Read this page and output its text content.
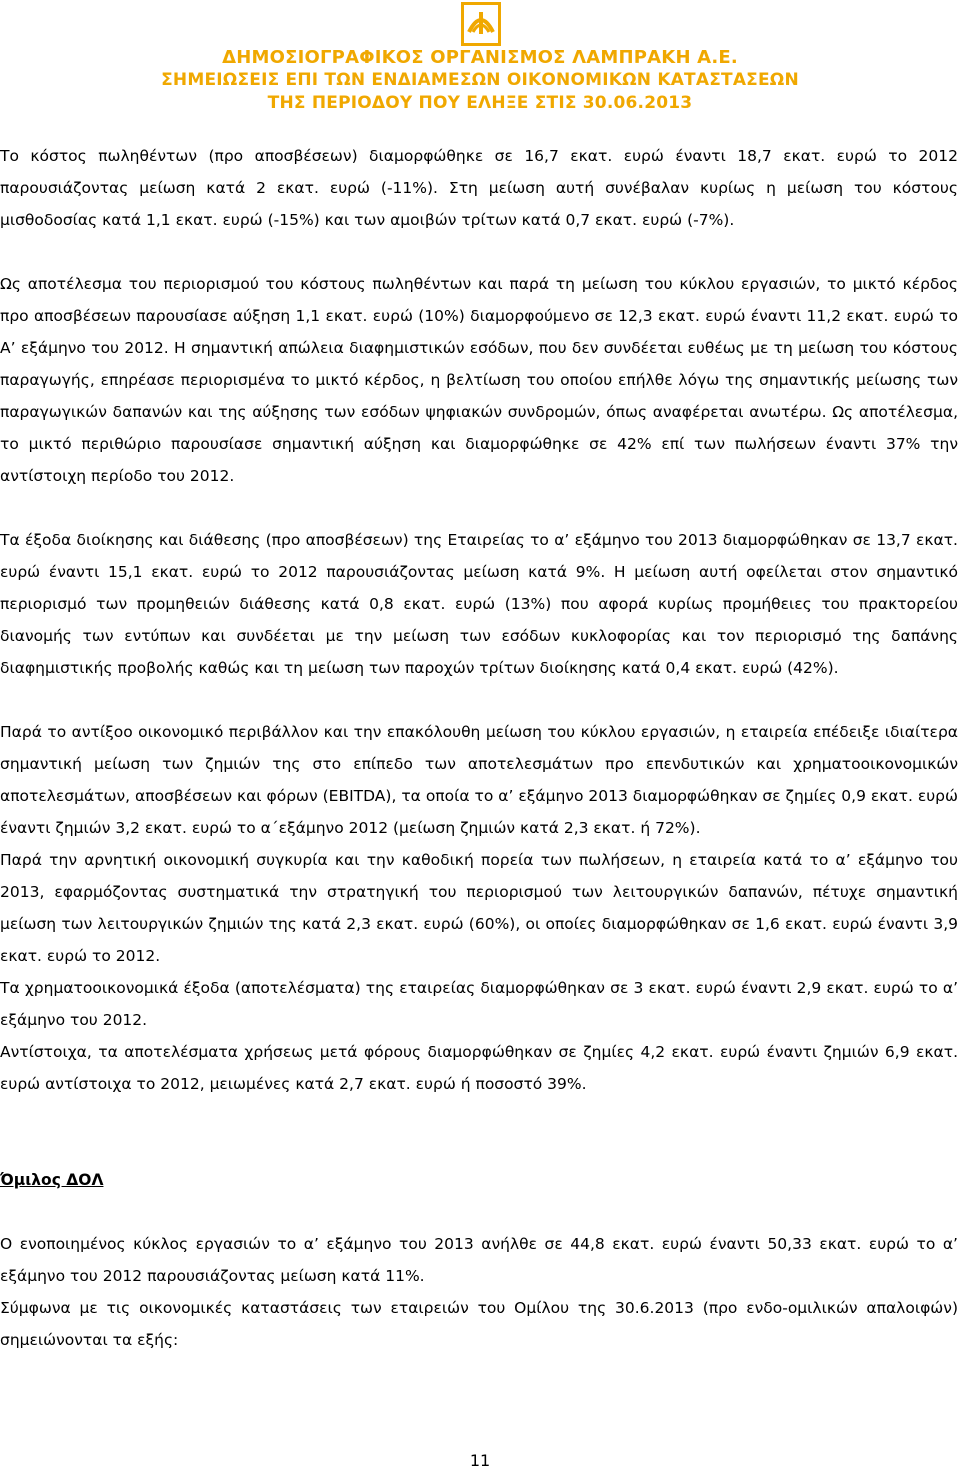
ΔΗΜΟΣΙΟΓΡΑΦΙΚΟΣ ΟΡΓΑΝΙΣΜΟΣ ΛΑΜΠΡΑΚΗ Α.Ε.
ΣΗΜΕΙΩΣΕΙΣ ΕΠΙ ΤΩΝ ΕΝΔΙΑΜΕΣΩΝ ΟΙΚΟΝΟΜΙΚΩΝ ΚΑΤΑΣΤΑΣΕΩΝ
ΤΗΣ ΠΕΡΙΟΔΟΥ ΠΟΥ ΕΛΗΞΕ ΣΤΙΣ 30.06.2013

Το κόστος πωληθέντων (προ αποσβέσεων) διαμορφώθηκε σε 16,7 εκατ. ευρώ έναντι 18,7 εκατ. ευρώ το 2012 παρουσιάζοντας μείωση κατά 2 εκατ. ευρώ (-11%). Στη μείωση αυτή συνέβαλαν κυρίως η μείωση του κόστους μισθοδοσίας κατά 1,1 εκατ. ευρώ (-15%) και των αμοιβών τρίτων κατά 0,7 εκατ. ευρώ (-7%).

Ως αποτέλεσμα του περιορισμού του κόστους πωληθέντων και παρά τη μείωση του κύκλου εργασιών, το μικτό κέρδος προ αποσβέσεων παρουσίασε αύξηση 1,1 εκατ. ευρώ (10%) διαμορφούμενο σε 12,3 εκατ. ευρώ έναντι 11,2 εκατ. ευρώ το Α’ εξάμηνο του 2012. Η σημαντική απώλεια διαφημιστικών εσόδων, που δεν συνδέεται ευθέως με τη μείωση του κόστους παραγωγής, επηρέασε περιορισμένα το μικτό κέρδος, η βελτίωση του οποίου επήλθε λόγω της σημαντικής μείωσης των παραγωγικών δαπανών και της αύξησης των εσόδων ψηφιακών συνδρομών, όπως αναφέρεται ανωτέρω. Ως αποτέλεσμα, το μικτό περιθώριο παρουσίασε σημαντική αύξηση και διαμορφώθηκε σε 42% επί των πωλήσεων έναντι 37% την αντίστοιχη περίοδο του 2012.

Τα έξοδα διοίκησης και διάθεσης (προ αποσβέσεων) της Εταιρείας το α’ εξάμηνο του 2013 διαμορφώθηκαν σε 13,7 εκατ. ευρώ έναντι 15,1 εκατ. ευρώ το 2012 παρουσιάζοντας μείωση κατά 9%. Η μείωση αυτή οφείλεται στον σημαντικό περιορισμό των προμηθειών διάθεσης κατά 0,8 εκατ. ευρώ (13%) που αφορά κυρίως προμήθειες του πρακτορείου διανομής των εντύπων και συνδέεται με την μείωση των εσόδων κυκλοφορίας και τον περιορισμό της δαπάνης διαφημιστικής προβολής καθώς και τη μείωση των παροχών τρίτων διοίκησης κατά 0,4 εκατ. ευρώ (42%).

Παρά το αντίξοο οικονομικό περιβάλλον και την επακόλουθη μείωση του κύκλου εργασιών, η εταιρεία επέδειξε ιδιαίτερα σημαντική μείωση των ζημιών της στο επίπεδο των αποτελεσμάτων προ επενδυτικών και χρηματοοικονομικών αποτελεσμάτων, αποσβέσεων και φόρων (EBITDA), τα οποία το α’ εξάμηνο 2013 διαμορφώθηκαν σε ζημίες 0,9 εκατ. ευρώ έναντι ζημιών 3,2 εκατ. ευρώ το α΄εξάμηνο 2012 (μείωση ζημιών κατά 2,3 εκατ. ή 72%).

Παρά την αρνητική οικονομική συγκυρία και την καθοδική πορεία των πωλήσεων, η εταιρεία κατά το α’ εξάμηνο του 2013, εφαρμόζοντας συστηματικά την στρατηγική του περιορισμού των λειτουργικών δαπανών, πέτυχε σημαντική μείωση των λειτουργικών ζημιών της κατά 2,3 εκατ. ευρώ (60%), οι οποίες διαμορφώθηκαν σε 1,6 εκατ. ευρώ έναντι 3,9 εκατ. ευρώ το 2012.

Τα χρηματοοικονομικά έξοδα (αποτελέσματα) της εταιρείας διαμορφώθηκαν σε 3 εκατ. ευρώ έναντι 2,9 εκατ. ευρώ το α’ εξάμηνο του 2012.

Αντίστοιχα, τα αποτελέσματα χρήσεως μετά φόρους διαμορφώθηκαν σε ζημίες 4,2 εκατ. ευρώ έναντι ζημιών 6,9 εκατ. ευρώ αντίστοιχα το 2012, μειωμένες κατά 2,7 εκατ. ευρώ ή ποσοστό 39%.

Όμιλος ΔΟΛ

Ο ενοποιημένος κύκλος εργασιών το α’ εξάμηνο του 2013 ανήλθε σε 44,8 εκατ. ευρώ έναντι 50,33 εκατ. ευρώ το α’ εξάμηνο του 2012 παρουσιάζοντας μείωση κατά 11%.

Σύμφωνα με τις οικονομικές καταστάσεις των εταιρειών του Ομίλου της 30.6.2013 (προ ενδο-ομιλικών απαλοιφών) σημειώνονται τα εξής:

11
